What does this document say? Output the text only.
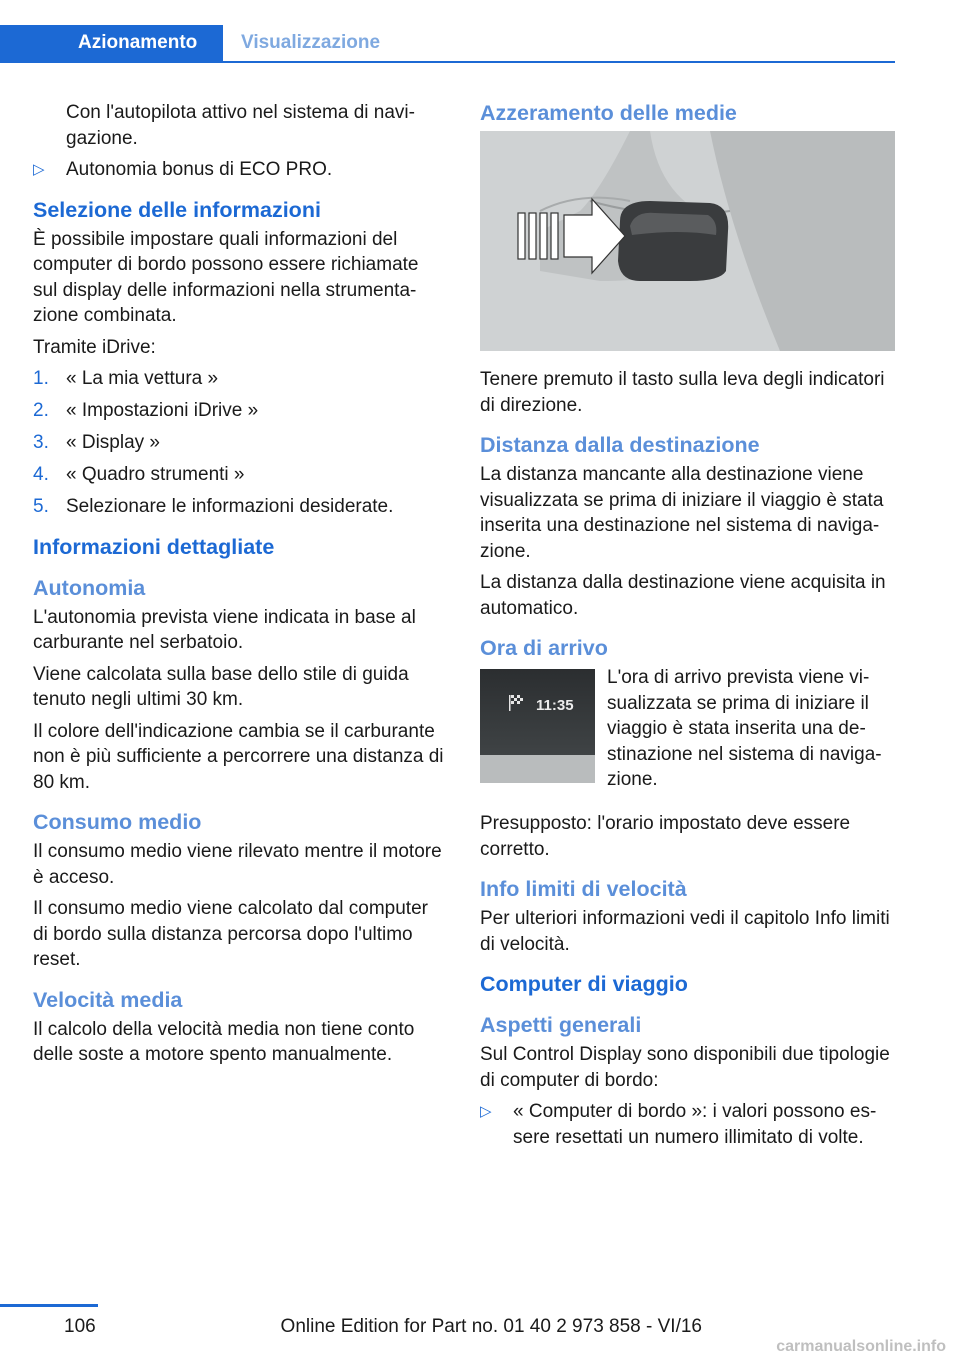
Azionamento	Visualizzazione

Con l'autopilota attivo nel sistema di navigazione.

▷ Autonomia bonus di ECO PRO.
Selezione delle informazioni

È possibile impostare quali informazioni del computer di bordo possono essere richiamate sul display delle informazioni nella strumentazione combinata.

Tramite iDrive:

1. « La mia vettura »
2. « Impostazioni iDrive »
3. « Display »
4. « Quadro strumenti »
5. Selezionare le informazioni desiderate.
Informazioni dettagliate
Autonomia

L'autonomia prevista viene indicata in base al carburante nel serbatoio.

Viene calcolata sulla base dello stile di guida tenuto negli ultimi 30 km.

Il colore dell'indicazione cambia se il carburante non è più sufficiente a percorrere una distanza di 80 km.

Consumo medio

Il consumo medio viene rilevato mentre il motore è acceso.

Il consumo medio viene calcolato dal computer di bordo sulla distanza percorsa dopo l'ultimo reset.

Velocità media

Il calcolo della velocità media non tiene conto delle soste a motore spento manualmente.

Azzeramento delle medie

Tenere premuto il tasto sulla leva degli indicatori di direzione.

Distanza dalla destinazione

La distanza mancante alla destinazione viene visualizzata se prima di iniziare il viaggio è stata inserita una destinazione nel sistema di navigazione.

La distanza dalla destinazione viene acquisita in automatico.

Ora di arrivo
11:35

L'ora di arrivo prevista viene visualizzata se prima di iniziare il viaggio è stata inserita una destinazione nel sistema di navigazione.

Presupposto: l'orario impostato deve essere corretto.

Info limiti di velocità

Per ulteriori informazioni vedi il capitolo Info limiti di velocità.

Computer di viaggio
Aspetti generali

Sul Control Display sono disponibili due tipologie di computer di bordo:

▷ « Computer di bordo »: i valori possono essere resettati un numero illimitato di volte.
106	Online Edition for Part no. 01 40 2 973 858 - VI/16
carmanualsonline.info
